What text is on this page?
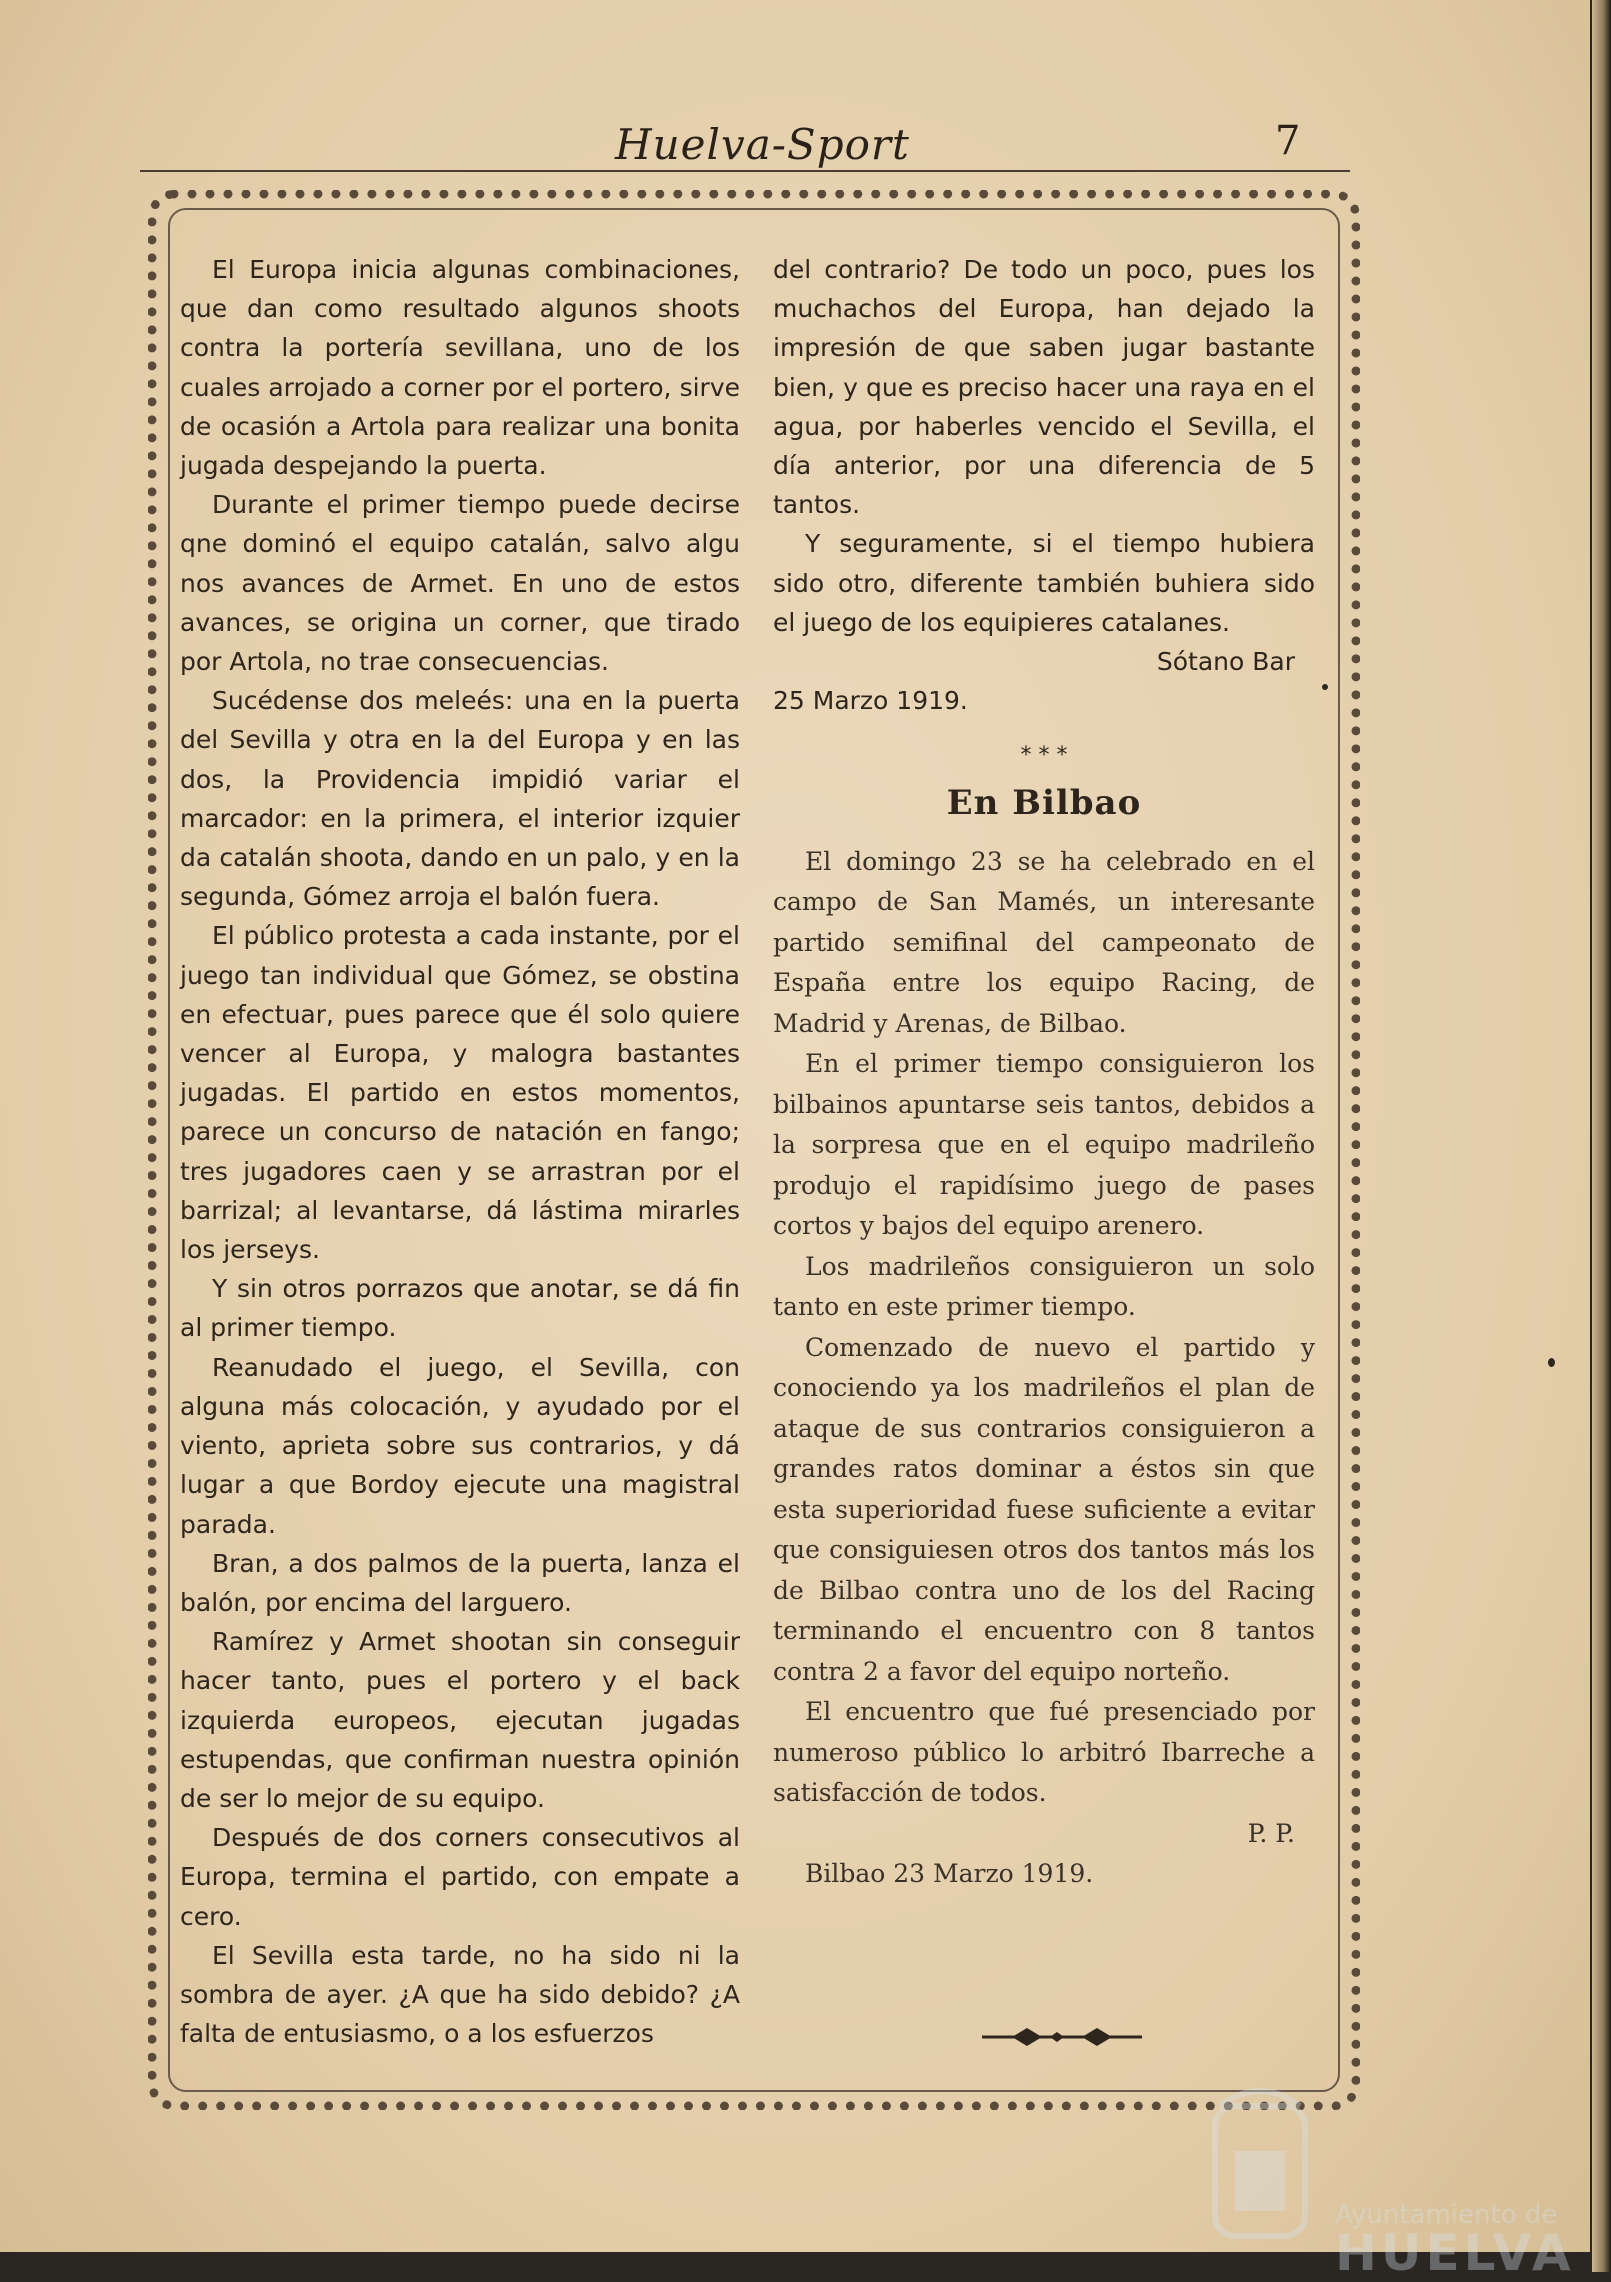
Huelva-Sport	7

El Europa inicia algunas combinaciones, que dan como resultado algunos shoots contra la portería sevillana, uno de los cuales arrojado a corner por el portero, sirve de ocasión a Artola para realizar una bonita jugada despejando la puerta.

Durante el primer tiempo puede decirse qne dominó el equipo catalán, salvo algu nos avances de Armet. En uno de estos avances, se origina un corner, que tirado por Artola, no trae consecuencias.

Sucédense dos meleés: una en la puerta del Sevilla y otra en la del Europa y en las dos, la Providencia impidió variar el marcador: en la primera, el interior izquier da catalán shoota, dando en un palo, y en la segunda, Gómez arroja el balón fuera.

El público protesta a cada instante, por el juego tan individual que Gómez, se obstina en efectuar, pues parece que él solo quiere vencer al Europa, y malogra bastantes jugadas. El partido en estos momentos, parece un concurso de natación en fango; tres jugadores caen y se arrastran por el barrizal; al levantarse, dá lástima mirarles los jerseys.

Y sin otros porrazos que anotar, se dá fin al primer tiempo.

Reanudado el juego, el Sevilla, con alguna más colocación, y ayudado por el viento, aprieta sobre sus contrarios, y dá lugar a que Bordoy ejecute una magistral parada.

Bran, a dos palmos de la puerta, lanza el balón, por encima del larguero.

Ramírez y Armet shootan sin conseguir hacer tanto, pues el portero y el back izquierda europeos, ejecutan jugadas estupendas, que confirman nuestra opinión de ser lo mejor de su equipo.

Después de dos corners consecutivos al Europa, termina el partido, con empate a cero.

El Sevilla esta tarde, no ha sido ni la sombra de ayer. ¿A que ha sido debido? ¿A falta de entusiasmo, o a los esfuerzos

del contrario? De todo un poco, pues los muchachos del Europa, han dejado la impresión de que saben jugar bastante bien, y que es preciso hacer una raya en el agua, por haberles vencido el Sevilla, el día anterior, por una diferencia de 5 tantos.

Y seguramente, si el tiempo hubiera sido otro, diferente también buhiera sido el juego de los equipieres catalanes.

Sótano Bar

25 Marzo 1919.

* * *
En Bilbao

El domingo 23 se ha celebrado en el campo de San Mamés, un interesante partido semifinal del campeonato de España entre los equipo Racing, de Madrid y Arenas, de Bilbao.

En el primer tiempo consiguieron los bilbainos apuntarse seis tantos, debidos a la sorpresa que en el equipo madrileño produjo el rapidísimo juego de pases cortos y bajos del equipo arenero.

Los madrileños consiguieron un solo tanto en este primer tiempo.

Comenzado de nuevo el partido y conociendo ya los madrileños el plan de ataque de sus contrarios consiguieron a grandes ratos dominar a éstos sin que esta superioridad fuese suficiente a evitar que consiguiesen otros dos tantos más los de Bilbao contra uno de los del Racing terminando el encuentro con 8 tantos contra 2 a favor del equipo norteño.

El encuentro que fué presenciado por numeroso público lo arbitró Ibarreche a satisfacción de todos.

P. P.

Bilbao 23 Marzo 1919.

Ayuntamiento de
HUELVA
